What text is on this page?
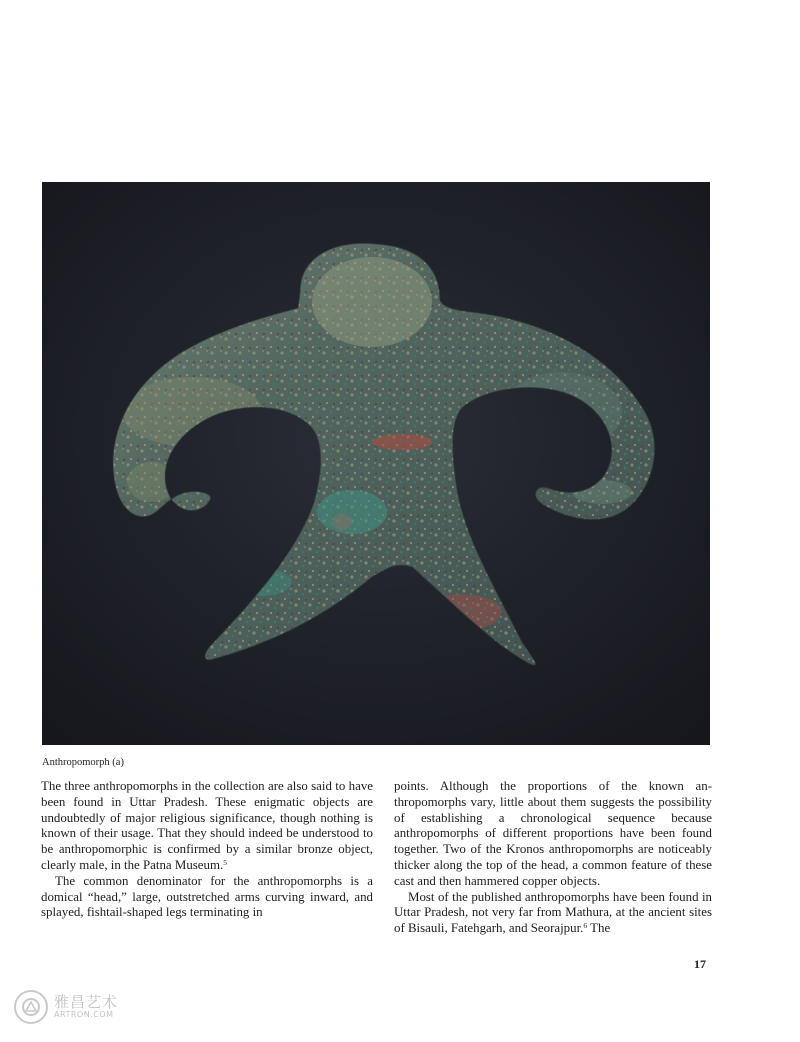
Anthropomorph (a)

The three anthropomorphs in the collection are also said to have been found in Uttar Pradesh. These enigmatic objects are undoubtedly of major religious significance, though nothing is known of their usage. That they should indeed be understood to be anthropomorphic is confirmed by a similar bronze object, clearly male, in the Patna Museum.$^5$

The common denominator for the anthropomorphs is a domical “head,” large, outstretched arms curving inward, and splayed, fishtail-shaped legs terminating in

points. Although the proportions of the known anthropomorphs vary, little about them suggests the possibility of establishing a chronological sequence because anthropomorphs of different proportions have been found together. Two of the Kronos anthropomorphs are noticeably thicker along the top of the head, a common feature of these cast and then hammered copper objects.

Most of the published anthropomorphs have been found in Uttar Pradesh, not very far from Mathura, at the ancient sites of Bisauli, Fatehgarh, and Seorajpur.$^6$ The

17
雅昌艺术
ARTRON.COM
